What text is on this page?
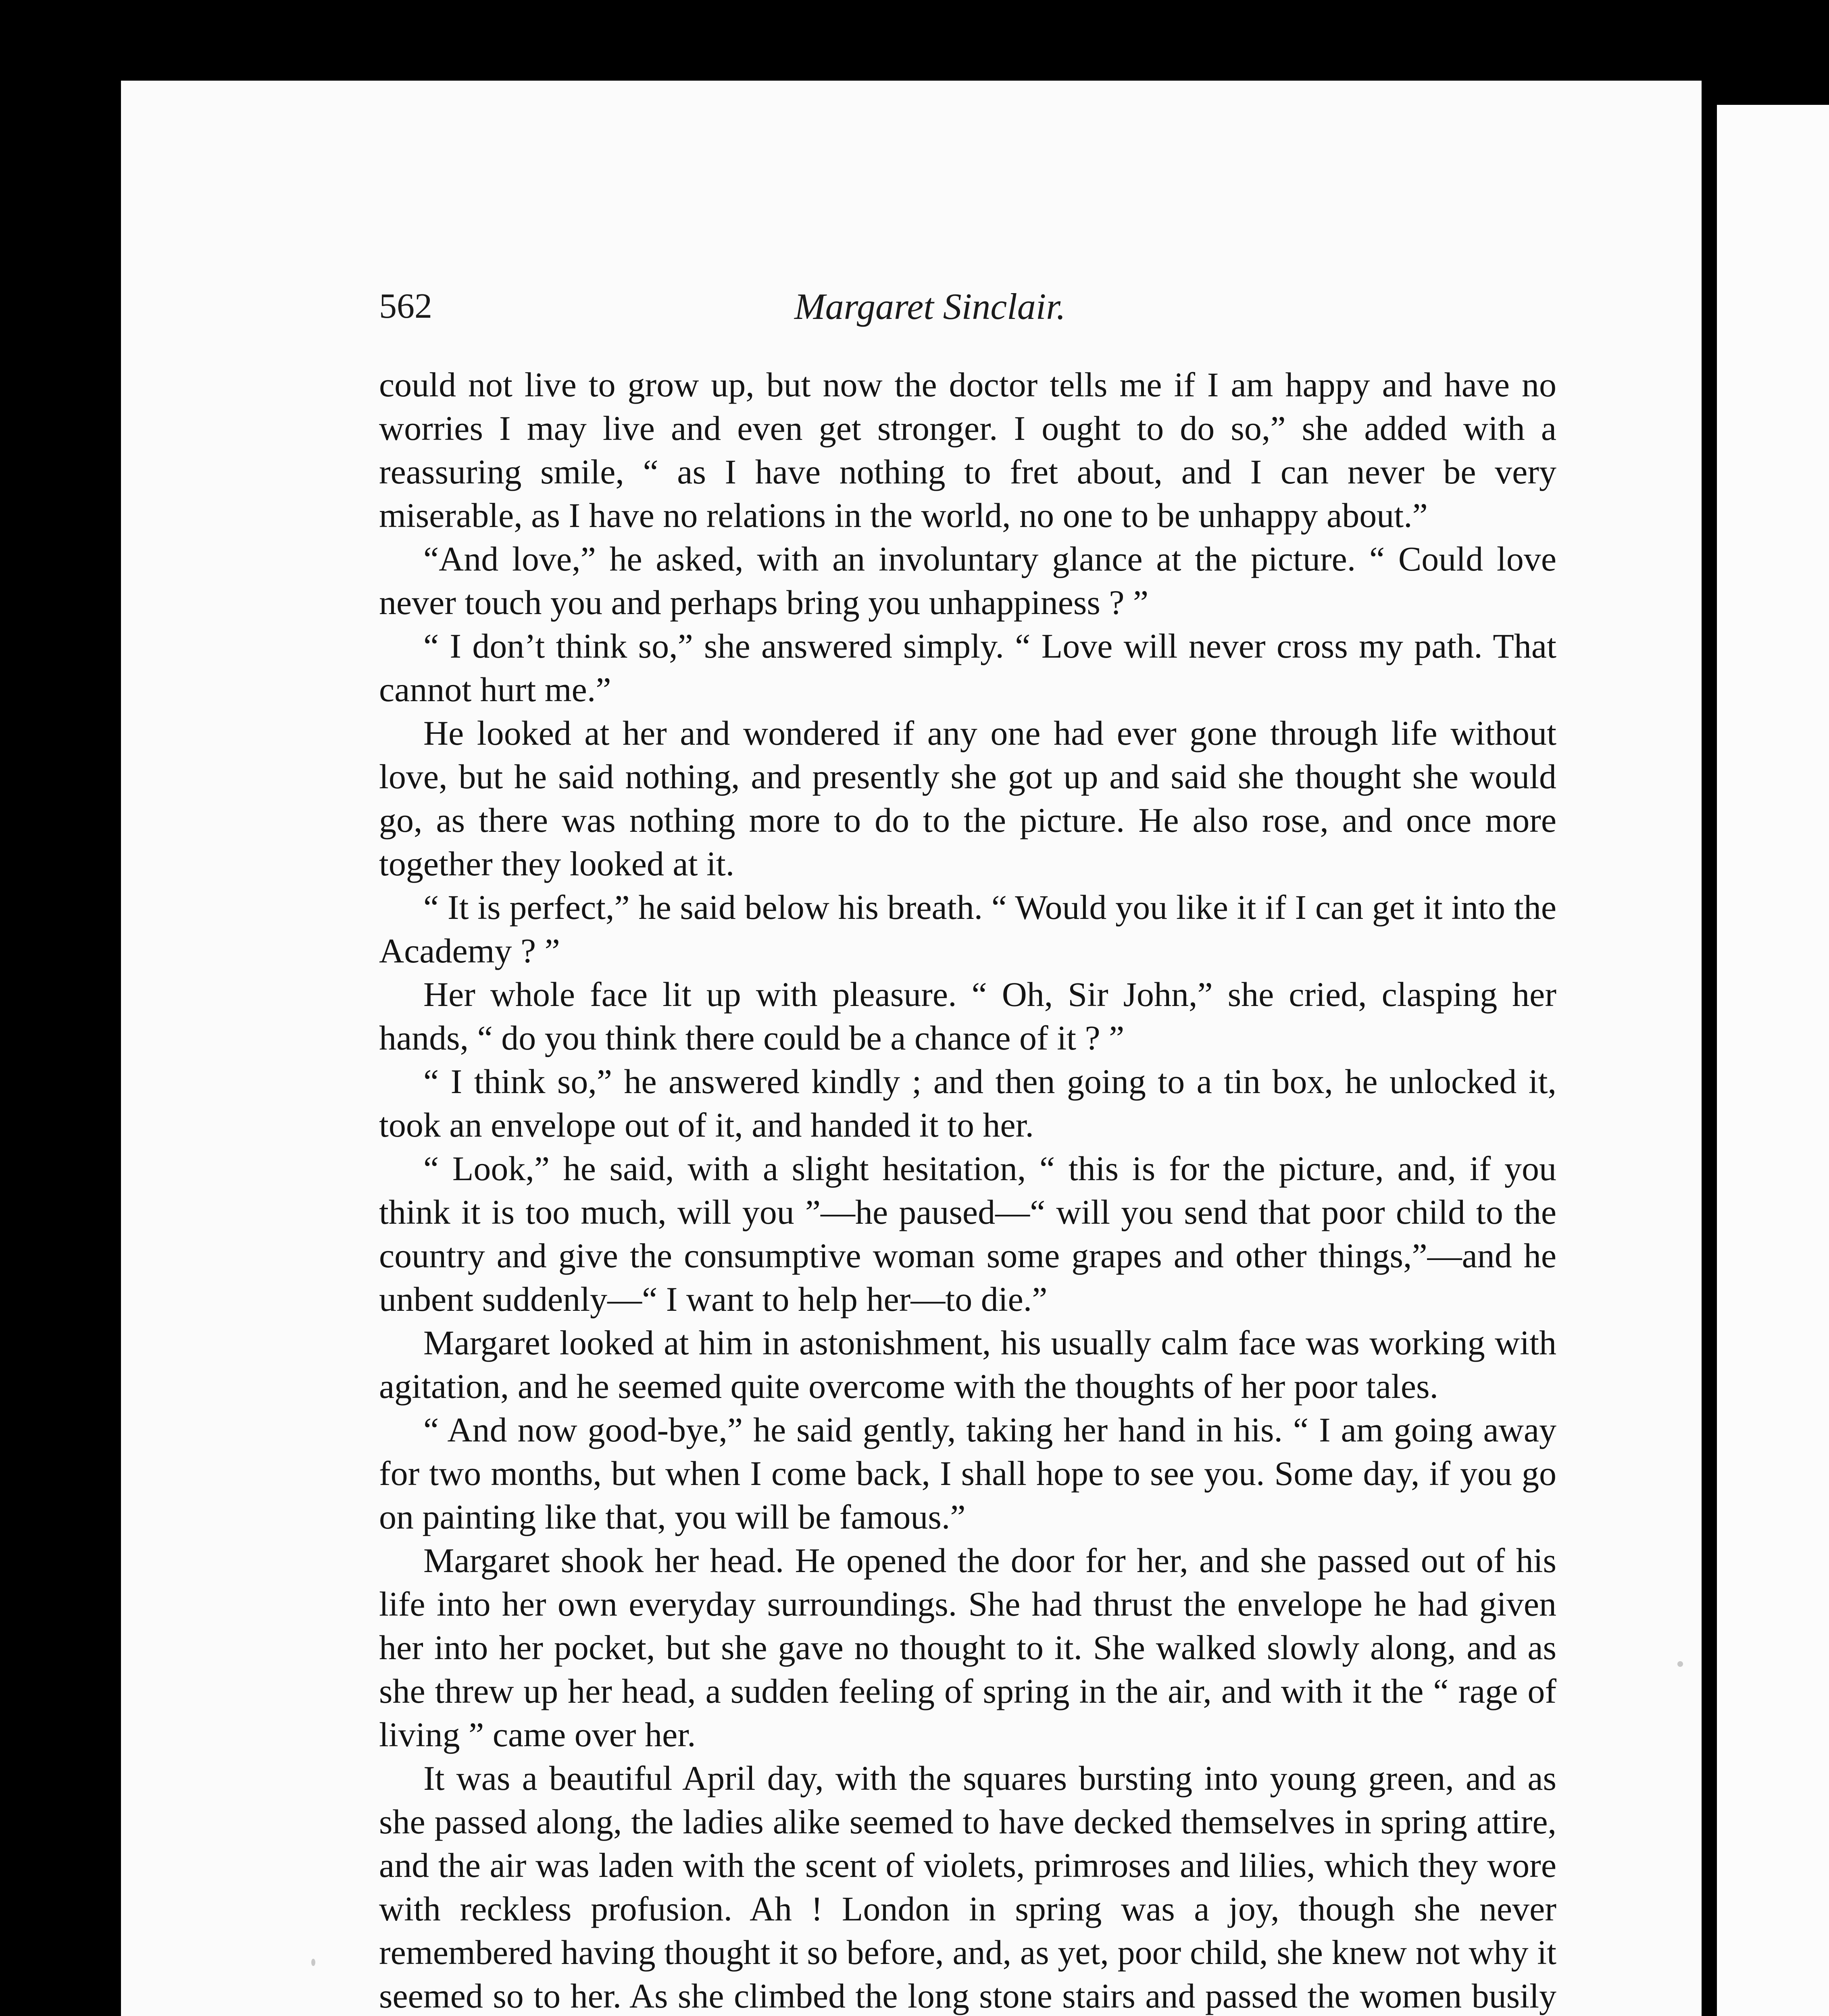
562	Margaret Sinclair.

could not live to grow up, but now the doctor tells me if I am happy and have no worries I may live and even get stronger. I ought to do so,” she added with a reassuring smile, “ as I have nothing to fret about, and I can never be very miserable, as I have no relations in the world, no one to be unhappy about.”

“And love,” he asked, with an involuntary glance at the picture. “ Could love never touch you and perhaps bring you unhappiness ? ”

“ I don’t think so,” she answered simply. “ Love will never cross my path. That cannot hurt me.”

He looked at her and wondered if any one had ever gone through life without love, but he said nothing, and presently she got up and said she thought she would go, as there was nothing more to do to the picture. He also rose, and once more together they looked at it.

“ It is perfect,” he said below his breath. “ Would you like it if I can get it into the Academy ? ”

Her whole face lit up with pleasure. “ Oh, Sir John,” she cried, clasping her hands, “ do you think there could be a chance of it ? ”

“ I think so,” he answered kindly ; and then going to a tin box, he unlocked it, took an envelope out of it, and handed it to her.

“ Look,” he said, with a slight hesitation, “ this is for the picture, and, if you think it is too much, will you ”—he paused—“ will you send that poor child to the country and give the consumptive woman some grapes and other things,”—and he unbent suddenly—“ I want to help her—to die.”

Margaret looked at him in astonishment, his usually calm face was working with agitation, and he seemed quite overcome with the thoughts of her poor tales.

“ And now good-bye,” he said gently, taking her hand in his. “ I am going away for two months, but when I come back, I shall hope to see you. Some day, if you go on painting like that, you will be famous.”

Margaret shook her head. He opened the door for her, and she passed out of his life into her own everyday surroundings. She had thrust the envelope he had given her into her pocket, but she gave no thought to it. She walked slowly along, and as she threw up her head, a sudden feeling of spring in the air, and with it the “ rage of living ” came over her.

It was a beautiful April day, with the squares bursting into young green, and as she passed along, the ladies alike seemed to have decked themselves in spring attire, and the air was laden with the scent of violets, primroses and lilies, which they wore with reckless profusion. Ah ! London in spring was a joy, though she never remembered having thought it so before, and, as yet, poor child, she knew not why it seemed so to her. As she climbed the long stone stairs and passed the women busily
